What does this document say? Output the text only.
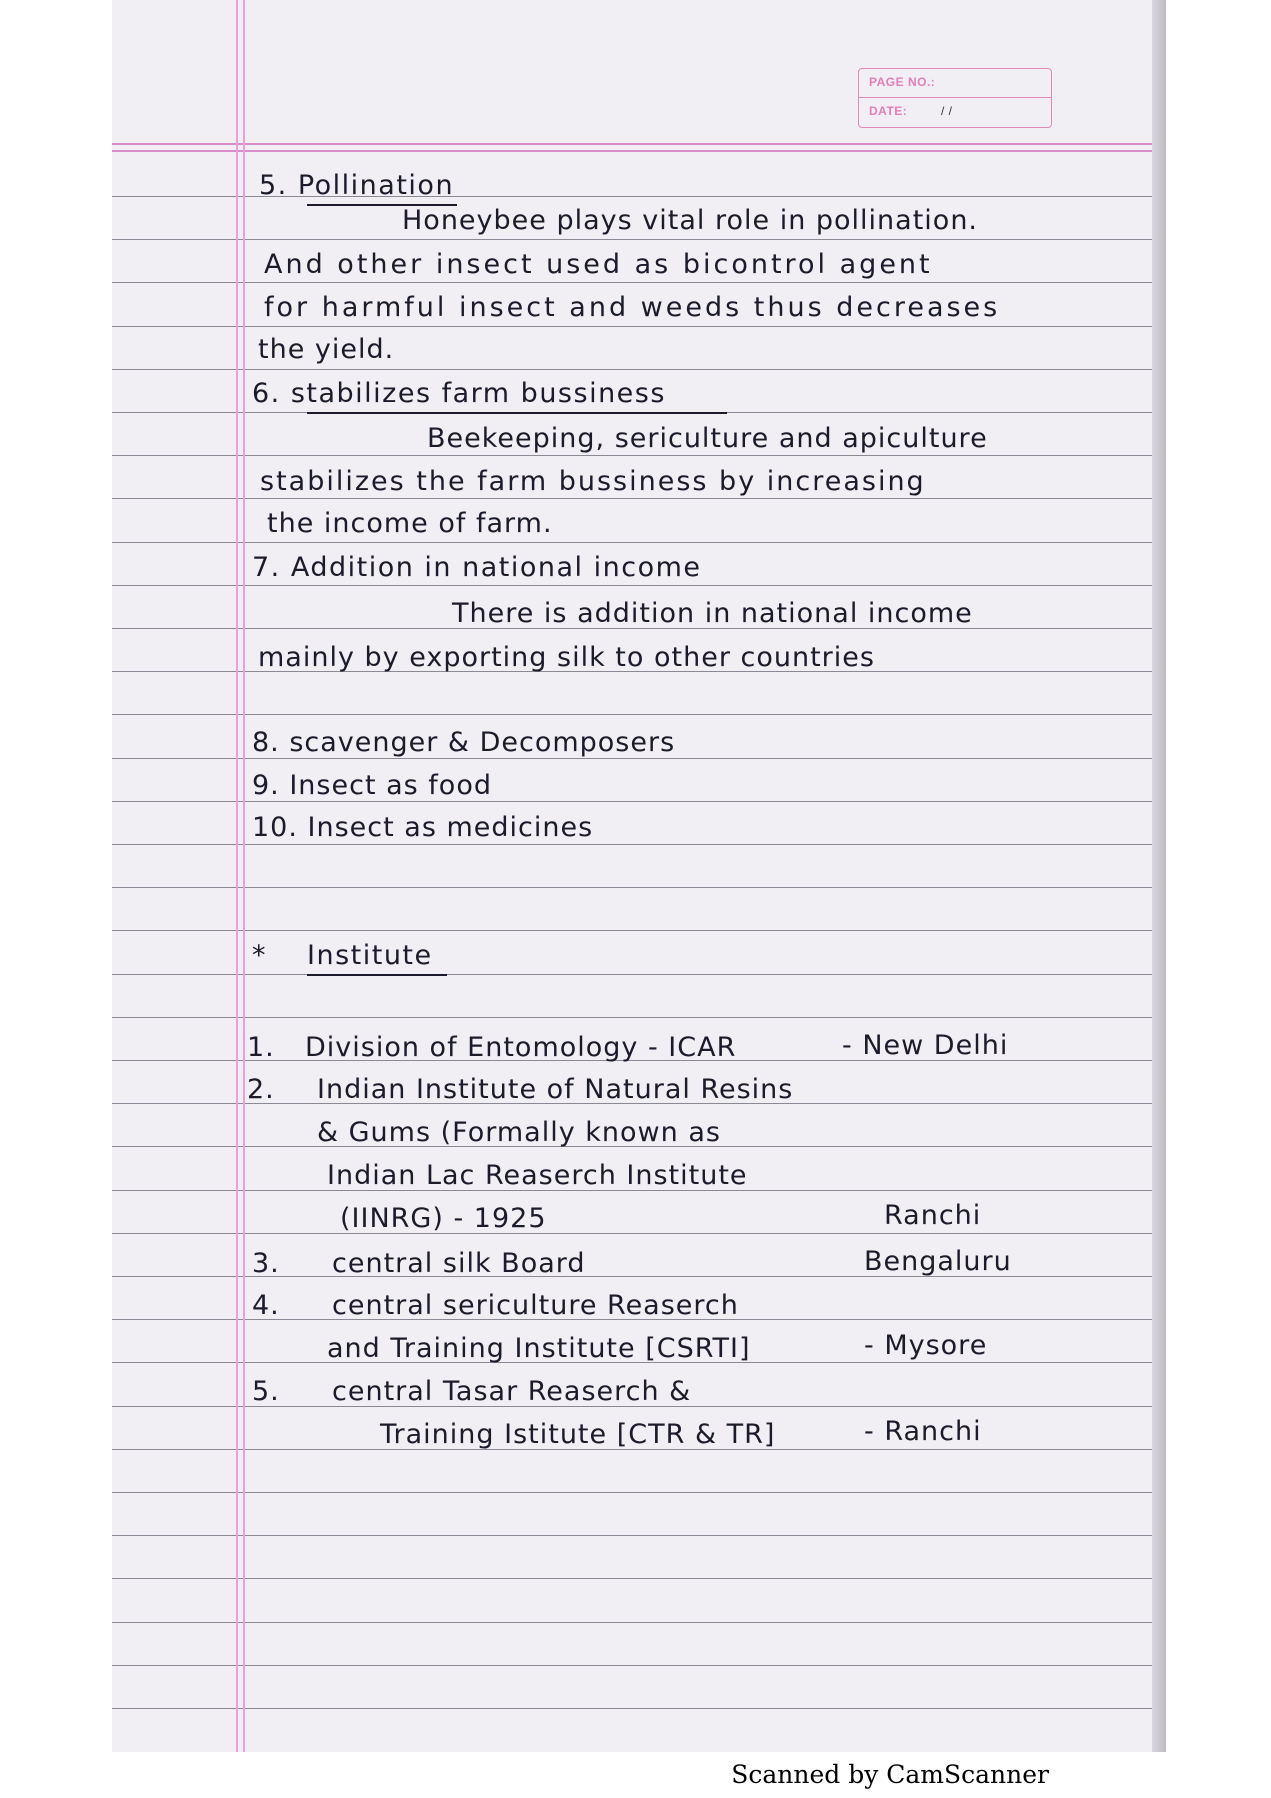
PAGE NO.:
DATE:	/ /
5. Pollination
Honeybee plays vital role in pollination.
And other insect used as bicontrol agent
for harmful insect and weeds thus decreases
the yield.
6. stabilizes farm bussiness
Beekeeping, sericulture and apiculture
stabilizes the farm bussiness by increasing
the income of farm.
7. Addition in national income
There is addition in national income
mainly by exporting silk to other countries
8. scavenger & Decomposers
9. Insect as food
10. Insect as medicines
* Institute
1. Division of Entomology - ICAR	- New Delhi
2. Indian Institute of Natural Resins
& Gums (Formally known as
Indian Lac Reaserch Institute
(IINRG) - 1925	Ranchi
3. central silk Board	Bengaluru
4. central sericulture Reaserch
and Training Institute [CSRTI]	- Mysore
5. central Tasar Reaserch &
Training Istitute [CTR & TR]	- Ranchi
Scanned by CamScanner
